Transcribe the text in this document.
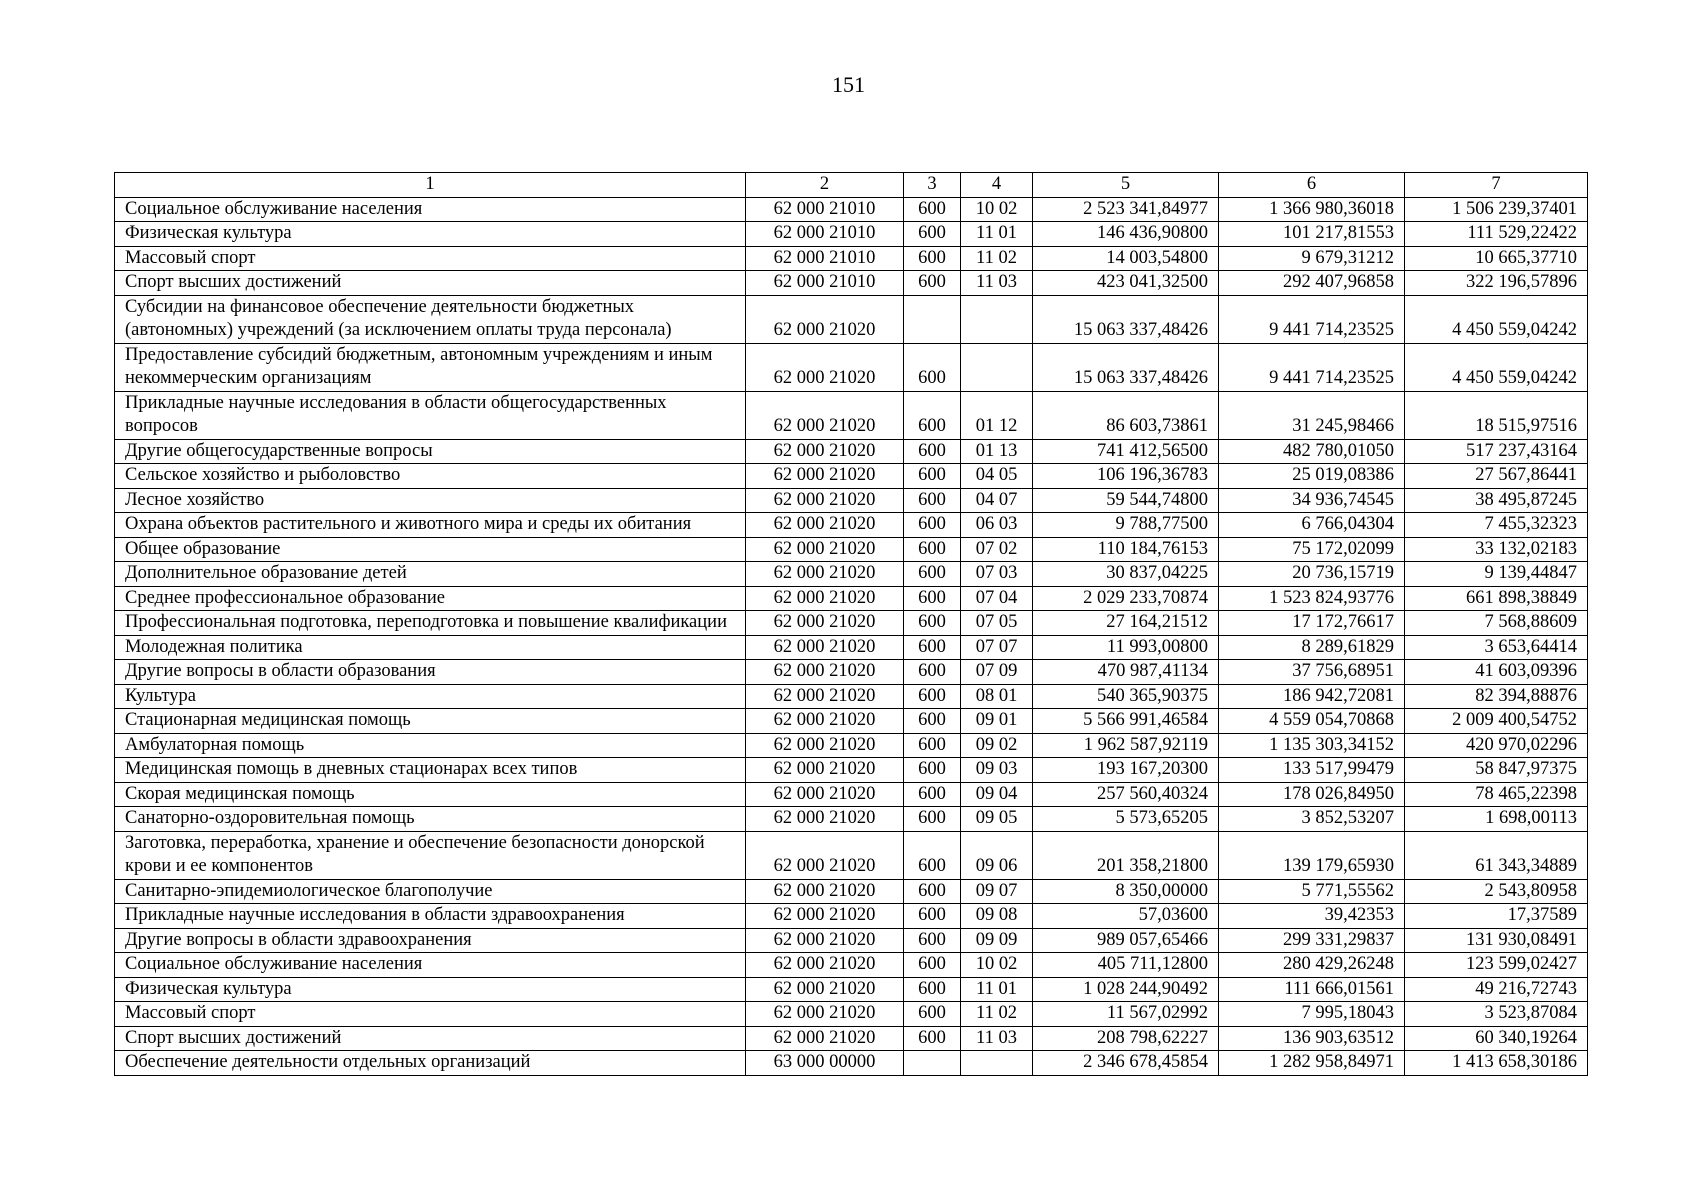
151
1	2	3	4	5	6	7
Социальное обслуживание населения	62 000 21010	600	10 02	2 523 341,84977	1 366 980,36018	1 506 239,37401
Физическая культура	62 000 21010	600	11 01	146 436,90800	101 217,81553	111 529,22422
Массовый спорт	62 000 21010	600	11 02	14 003,54800	9 679,31212	10 665,37710
Спорт высших достижений	62 000 21010	600	11 03	423 041,32500	292 407,96858	322 196,57896
Субсидии на финансовое обеспечение деятельности бюджетных (автономных) учреждений (за исключением оплаты труда персонала)	62 000 21020			15 063 337,48426	9 441 714,23525	4 450 559,04242
Предоставление субсидий бюджетным, автономным учреждениям и иным некоммерческим организациям	62 000 21020	600		15 063 337,48426	9 441 714,23525	4 450 559,04242
Прикладные научные исследования в области общегосударственных вопросов	62 000 21020	600	01 12	86 603,73861	31 245,98466	18 515,97516
Другие общегосударственные вопросы	62 000 21020	600	01 13	741 412,56500	482 780,01050	517 237,43164
Сельское хозяйство и рыболовство	62 000 21020	600	04 05	106 196,36783	25 019,08386	27 567,86441
Лесное хозяйство	62 000 21020	600	04 07	59 544,74800	34 936,74545	38 495,87245
Охрана объектов растительного и животного мира и среды их обитания	62 000 21020	600	06 03	9 788,77500	6 766,04304	7 455,32323
Общее образование	62 000 21020	600	07 02	110 184,76153	75 172,02099	33 132,02183
Дополнительное образование детей	62 000 21020	600	07 03	30 837,04225	20 736,15719	9 139,44847
Среднее профессиональное образование	62 000 21020	600	07 04	2 029 233,70874	1 523 824,93776	661 898,38849
Профессиональная подготовка, переподготовка и повышение квалификации	62 000 21020	600	07 05	27 164,21512	17 172,76617	7 568,88609
Молодежная политика	62 000 21020	600	07 07	11 993,00800	8 289,61829	3 653,64414
Другие вопросы в области образования	62 000 21020	600	07 09	470 987,41134	37 756,68951	41 603,09396
Культура	62 000 21020	600	08 01	540 365,90375	186 942,72081	82 394,88876
Стационарная медицинская помощь	62 000 21020	600	09 01	5 566 991,46584	4 559 054,70868	2 009 400,54752
Амбулаторная помощь	62 000 21020	600	09 02	1 962 587,92119	1 135 303,34152	420 970,02296
Медицинская помощь в дневных стационарах всех типов	62 000 21020	600	09 03	193 167,20300	133 517,99479	58 847,97375
Скорая медицинская помощь	62 000 21020	600	09 04	257 560,40324	178 026,84950	78 465,22398
Санаторно-оздоровительная помощь	62 000 21020	600	09 05	5 573,65205	3 852,53207	1 698,00113
Заготовка, переработка, хранение и обеспечение безопасности донорской крови и ее компонентов	62 000 21020	600	09 06	201 358,21800	139 179,65930	61 343,34889
Санитарно-эпидемиологическое благополучие	62 000 21020	600	09 07	8 350,00000	5 771,55562	2 543,80958
Прикладные научные исследования в области здравоохранения	62 000 21020	600	09 08	57,03600	39,42353	17,37589
Другие вопросы в области здравоохранения	62 000 21020	600	09 09	989 057,65466	299 331,29837	131 930,08491
Социальное обслуживание населения	62 000 21020	600	10 02	405 711,12800	280 429,26248	123 599,02427
Физическая культура	62 000 21020	600	11 01	1 028 244,90492	111 666,01561	49 216,72743
Массовый спорт	62 000 21020	600	11 02	11 567,02992	7 995,18043	3 523,87084
Спорт высших достижений	62 000 21020	600	11 03	208 798,62227	136 903,63512	60 340,19264
Обеспечение деятельности отдельных организаций	63 000 00000			2 346 678,45854	1 282 958,84971	1 413 658,30186
